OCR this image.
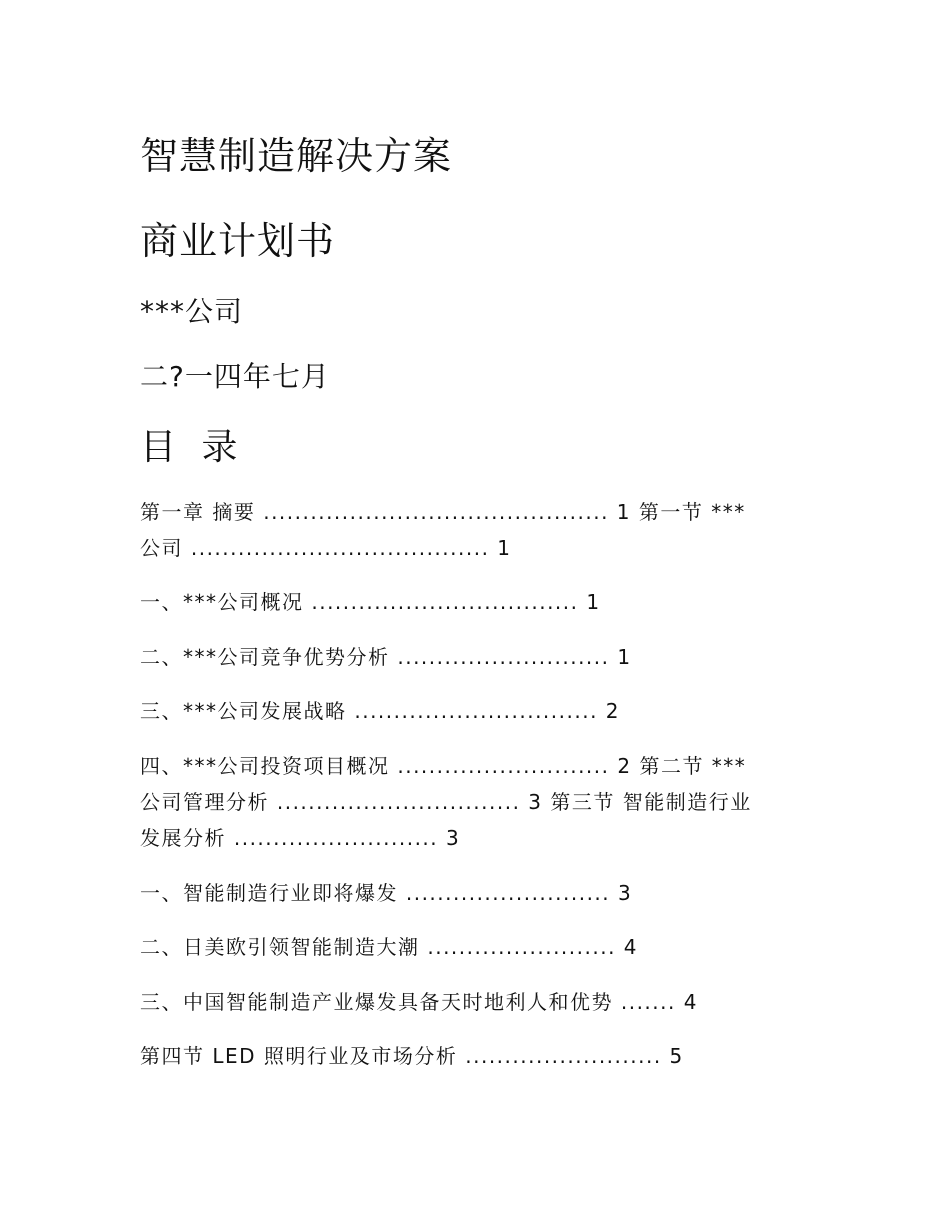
智慧制造解决方案
商业计划书
***公司
二?一四年七月
目 录
第一章 摘要 ............................................ 1 第一节 ***
公司 ...................................... 1
一、***公司概况 .................................. 1
二、***公司竞争优势分析 ........................... 1
三、***公司发展战略 ............................... 2
四、***公司投资项目概况 ........................... 2 第二节 ***
公司管理分析 ............................... 3 第三节 智能制造行业
发展分析 .......................... 3
一、智能制造行业即将爆发 .......................... 3
二、日美欧引领智能制造大潮 ........................ 4
三、中国智能制造产业爆发具备天时地利人和优势 ....... 4
第四节 LED 照明行业及市场分析 ......................... 5
